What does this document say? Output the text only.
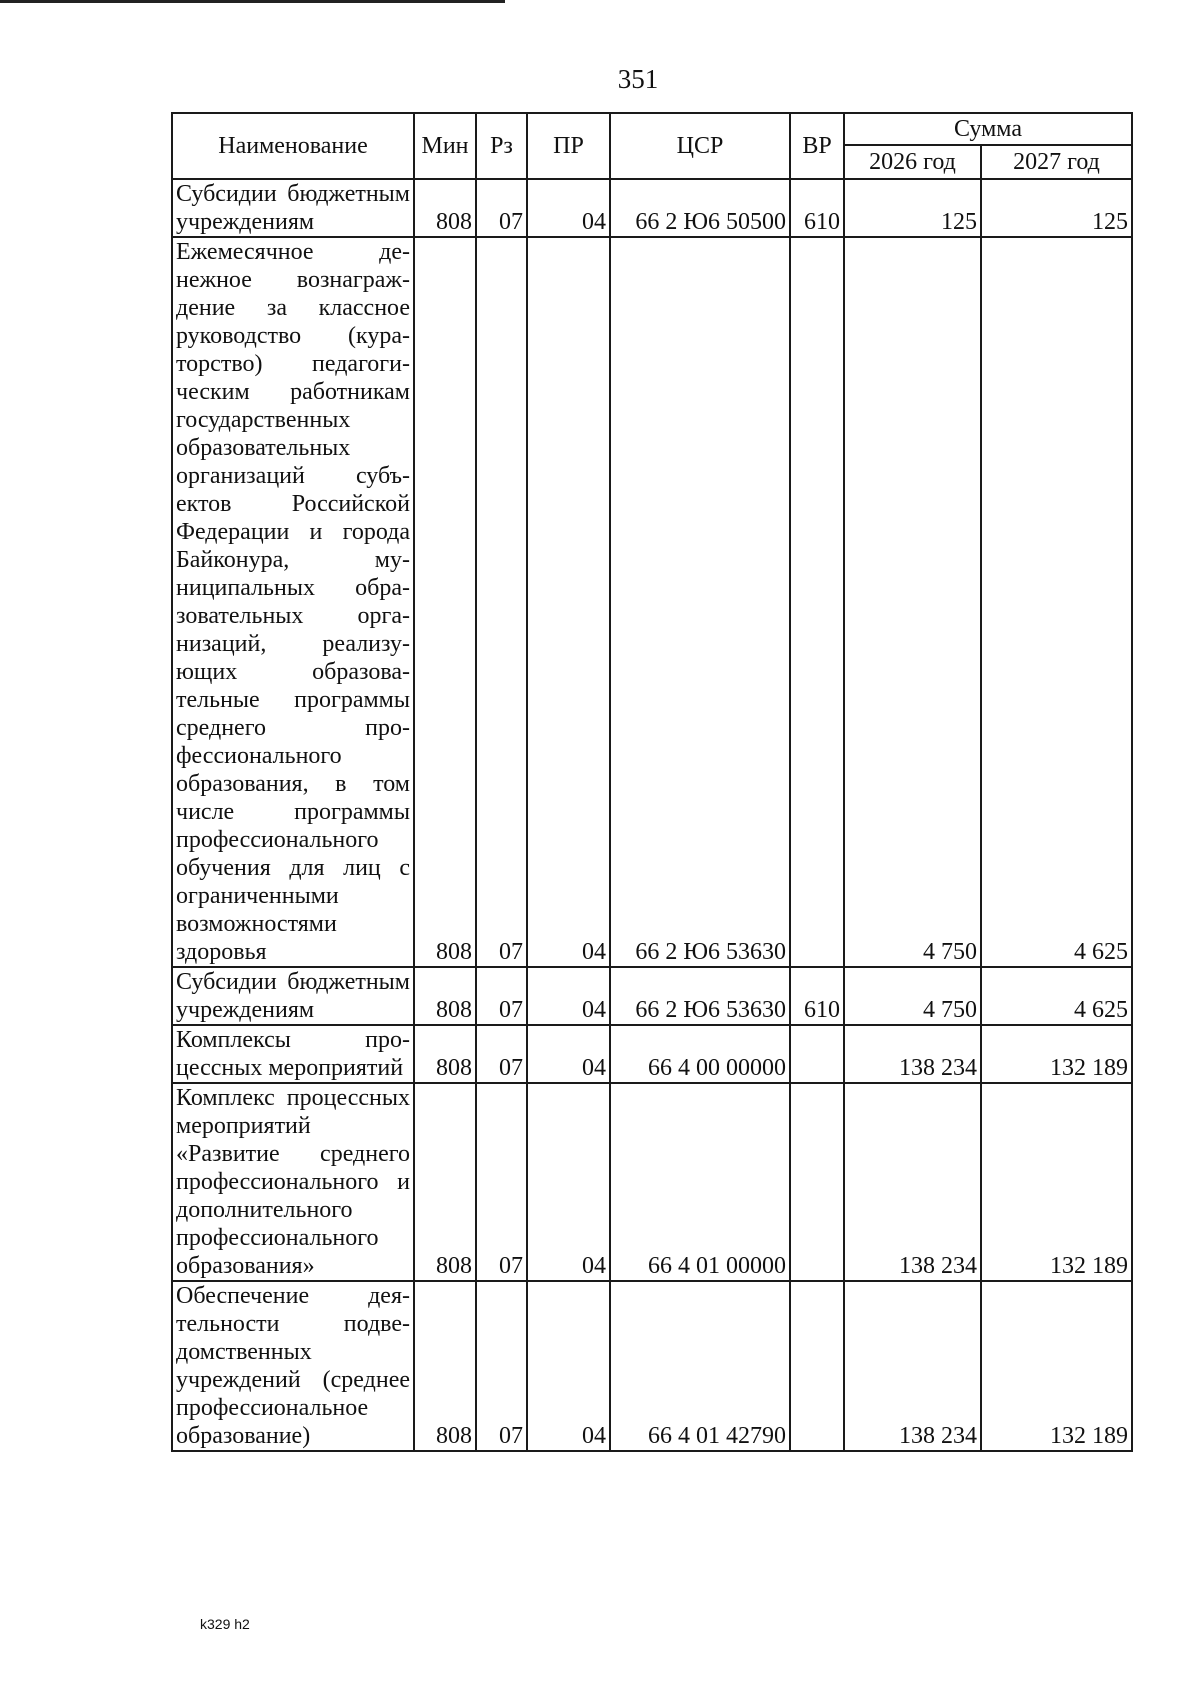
351
Наименование	Мин	Рз	ПР	ЦСР	ВР	Сумма	
						2026 год	2027 год
Субсидии бюджетным учреждениям	808	07	04	66 2 Ю6 50500	610	125	125
Ежемесячное денежное вознаграждение за классное руководство (кураторство) педагогическим работникам государственных образовательных организаций субъектов Российской Федерации и города Байконура, муниципальных образовательных организаций, реализующих образовательные программы среднего профессионального образования, в том числе программы профессионального обучения для лиц с ограниченными возможностями здоровья	808	07	04	66 2 Ю6 53630		4 750	4 625
Субсидии бюджетным учреждениям	808	07	04	66 2 Ю6 53630	610	4 750	4 625
Комплексы процессных мероприятий	808	07	04	66 4 00 00000		138 234	132 189
Комплекс процессных мероприятий «Развитие среднего профессионального и дополнительного профессионального образования»	808	07	04	66 4 01 00000		138 234	132 189
Обеспечение деятельности подведомственных учреждений (среднее профессиональное образование)	808	07	04	66 4 01 42790		138 234	132 189
k329 h2
